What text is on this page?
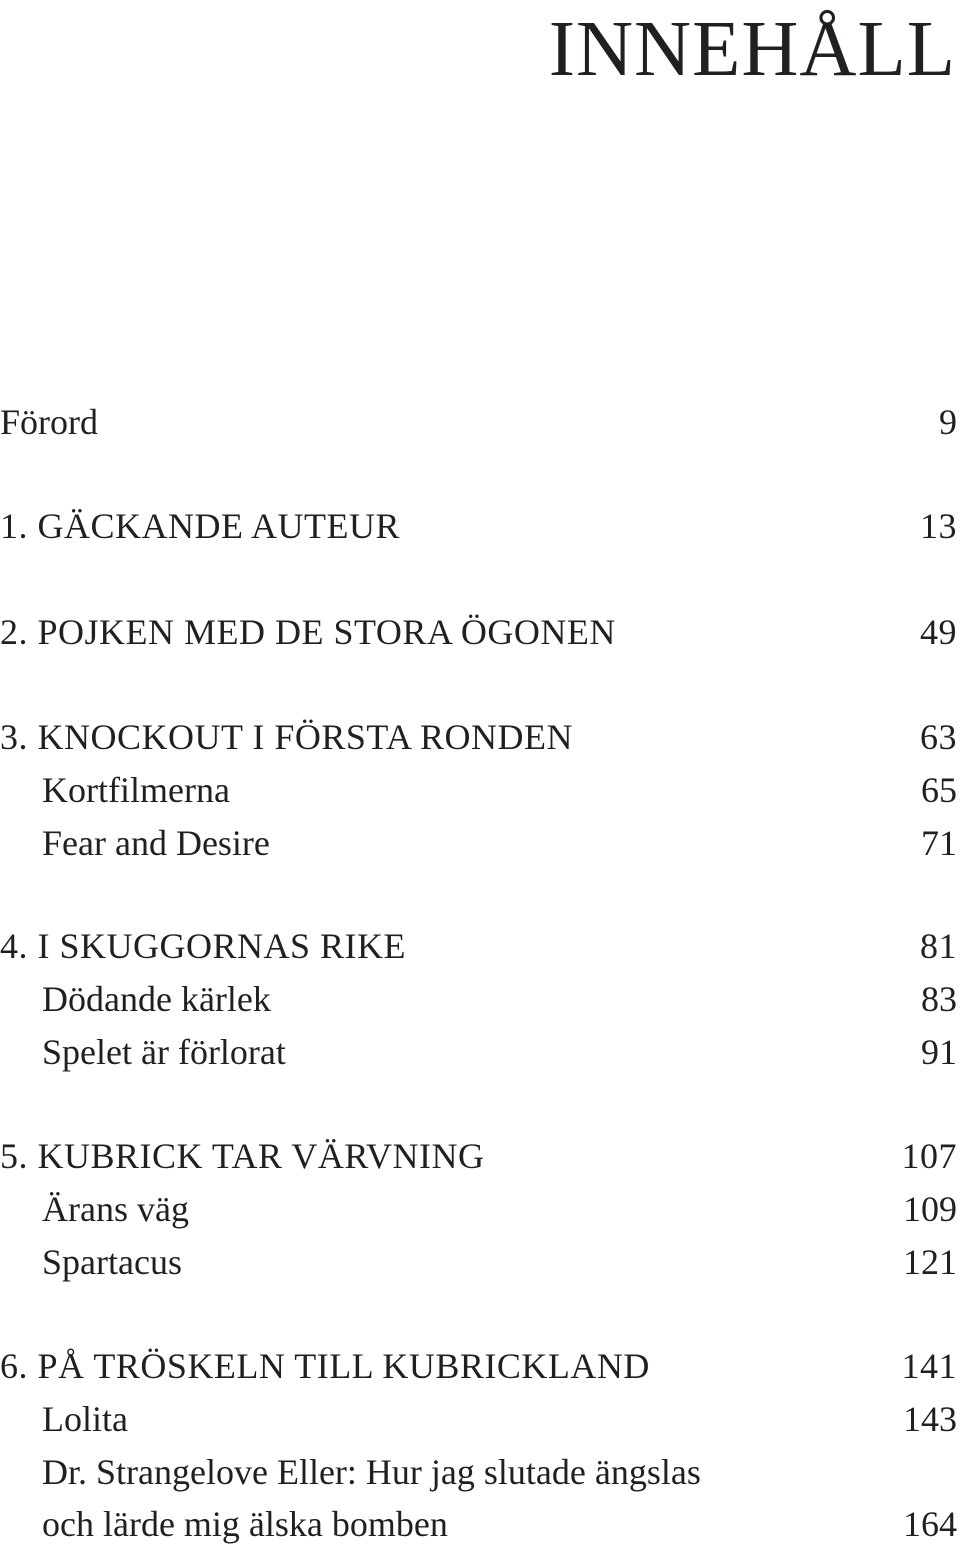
INNEHÅLL
Förord	9
1. GÄCKANDE AUTEUR	13
2. POJKEN MED DE STORA ÖGONEN	49
3. KNOCKOUT I FÖRSTA RONDEN	63
Kortfilmerna	65
Fear and Desire	71
4. I SKUGGORNAS RIKE	81
Dödande kärlek	83
Spelet är förlorat	91
5. KUBRICK TAR VÄRVNING	107
Ärans väg	109
Spartacus	121
6. PÅ TRÖSKELN TILL KUBRICKLAND	141
Lolita	143
Dr. Strangelove Eller: Hur jag slutade ängslas
och lärde mig älska bomben	164
